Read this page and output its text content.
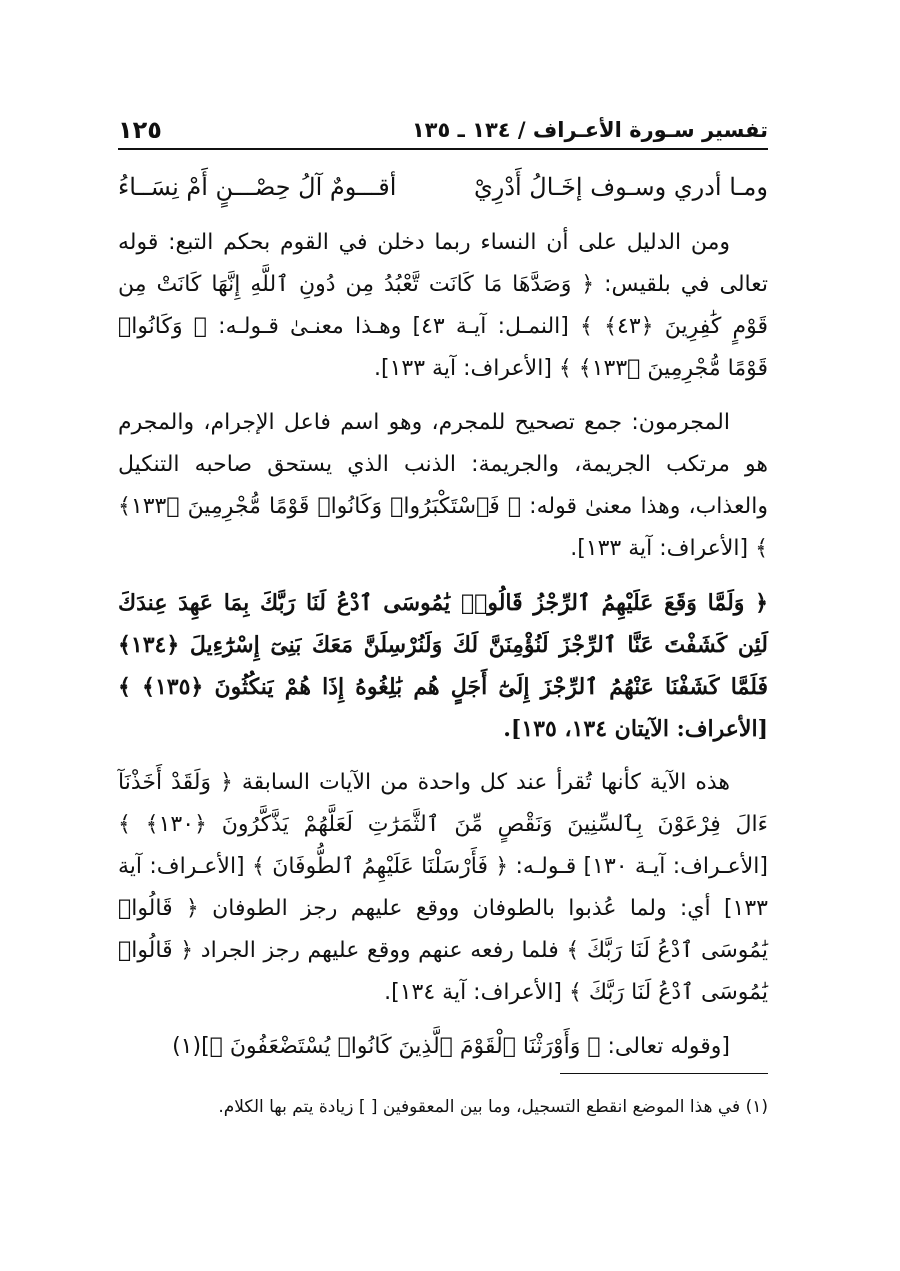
تفسير سـورة الأعـراف / ١٣٤ ـ ١٣٥
١٢٥
ومـا أدري وسـوف إخَـالُ أَدْرِيْ
أقـــومٌ آلُ حِصْـــنٍ أَمْ نِسَــاءُ

ومن الدليل على أن النساء ربما دخلن في القوم بحكم التبع: قوله تعالى في بلقيس: ﴿ وَصَدَّهَا مَا كَانَت تَّعْبُدُ مِن دُونِ ٱللَّهِ إِنَّهَا كَانَتْ مِن قَوْمٍ كَٰفِرِينَ ﴿٤٣﴾ ﴾ [النمـل: آيـة ٤٣] وهـذا معنـىٰ قـولـه: ﴿ وَكَانُوا۟ قَوْمًا مُّجْرِمِينَ ﴿١٣٣﴾ ﴾ [الأعراف: آية ١٣٣].

المجرمون: جمع تصحيح للمجرم، وهو اسم فاعل الإجرام، والمجرم هو مرتكب الجريمة، والجريمة: الذنب الذي يستحق صاحبه التنكيل والعذاب، وهذا معنىٰ قوله: ﴿ فَٱسْتَكْبَرُوا۟ وَكَانُوا۟ قَوْمًا مُّجْرِمِينَ ﴿١٣٣﴾ ﴾ [الأعراف: آية ١٣٣].

﴿ وَلَمَّا وَقَعَ عَلَيْهِمُ ٱلرِّجْزُ قَالُوا۟ يَٰمُوسَى ٱدْعُ لَنَا رَبَّكَ بِمَا عَهِدَ عِندَكَ لَئِن كَشَفْتَ عَنَّا ٱلرِّجْزَ لَنُؤْمِنَنَّ لَكَ وَلَنُرْسِلَنَّ مَعَكَ بَنِىٓ إِسْرَٰٓءِيلَ ﴿١٣٤﴾ فَلَمَّا كَشَفْنَا عَنْهُمُ ٱلرِّجْزَ إِلَىٰٓ أَجَلٍ هُم بَٰلِغُوهُ إِذَا هُمْ يَنكُثُونَ ﴿١٣٥﴾ ﴾ [الأعراف: الآيتان ١٣٤، ١٣٥].

هذه الآية كأنها تُقرأ عند كل واحدة من الآيات السابقة ﴿ وَلَقَدْ أَخَذْنَآ ءَالَ فِرْعَوْنَ بِٱلسِّنِينَ وَنَقْصٍ مِّنَ ٱلثَّمَرَٰتِ لَعَلَّهُمْ يَذَّكَّرُونَ ﴿١٣٠﴾ ﴾ [الأعـراف: آيـة ١٣٠] قـولـه: ﴿ فَأَرْسَلْنَا عَلَيْهِمُ ٱلطُّوفَانَ ﴾ [الأعـراف: آية ١٣٣] أي: ولما عُذبوا بالطوفان ووقع عليهم رجز الطوفان ﴿ قَالُوا۟ يَٰمُوسَى ٱدْعُ لَنَا رَبَّكَ ﴾ فلما رفعه عنهم ووقع عليهم رجز الجراد ﴿ قَالُوا۟ يَٰمُوسَى ٱدْعُ لَنَا رَبَّكَ ﴾ [الأعراف: آية ١٣٤].

[وقوله تعالى: ﴿ وَأَوْرَثْنَا ٱلْقَوْمَ ٱلَّذِينَ كَانُوا۟ يُسْتَضْعَفُونَ ﴾](١)

(١) في هذا الموضع انقطع التسجيل، وما بين المعقوفين [ ] زيادة يتم بها الكلام.
